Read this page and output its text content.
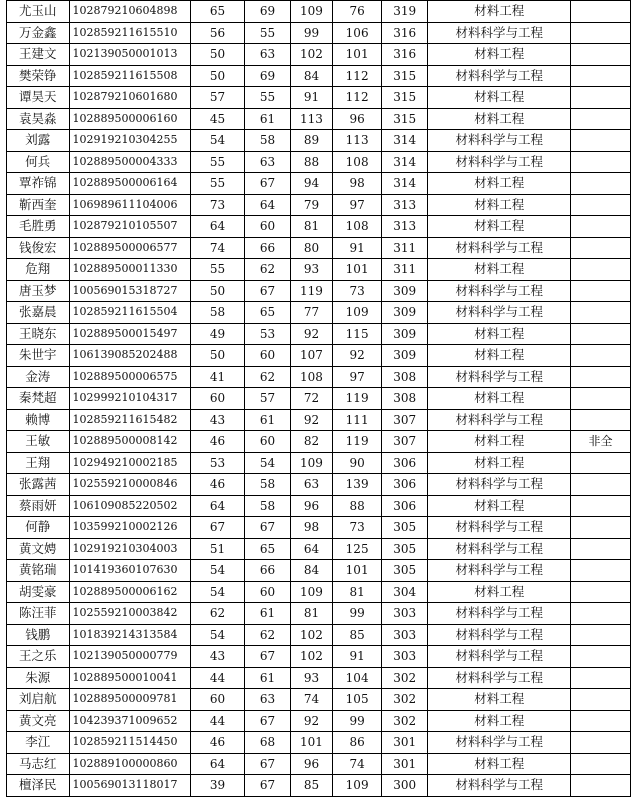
尤玉山	102879210604898	65	69	109	76	319	材料工程	
万金鑫	102859211615510	56	55	99	106	316	材料科学与工程	
王建文	102139050001013	50	63	102	101	316	材料工程	
樊荣铮	102859211615508	50	69	84	112	315	材料科学与工程	
谭昊天	102879210601680	57	55	91	112	315	材料工程	
袁昊淼	102889500006160	45	61	113	96	315	材料工程	
刘露	102919210304255	54	58	89	113	314	材料科学与工程	
何兵	102889500004333	55	63	88	108	314	材料科学与工程	
覃祚锦	102889500006164	55	67	94	98	314	材料工程	
靳西奎	106989611104006	73	64	79	97	313	材料工程	
毛胜勇	102879210105507	64	60	81	108	313	材料工程	
钱俊宏	102889500006577	74	66	80	91	311	材料科学与工程	
危翔	102889500011330	55	62	93	101	311	材料工程	
唐玉梦	100569015318727	50	67	119	73	309	材料科学与工程	
张嘉晨	102859211615504	58	65	77	109	309	材料科学与工程	
王晓东	102889500015497	49	53	92	115	309	材料工程	
朱世宇	106139085202488	50	60	107	92	309	材料工程	
金涛	102889500006575	41	62	108	97	308	材料科学与工程	
秦梵超	102999210104317	60	57	72	119	308	材料工程	
赖博	102859211615482	43	61	92	111	307	材料科学与工程	
王敏	102889500008142	46	60	82	119	307	材料工程	非全
王翔	102949210002185	53	54	109	90	306	材料工程	
张露茜	102559210000846	46	58	63	139	306	材料科学与工程	
蔡雨妍	106109085220502	64	58	96	88	306	材料工程	
何静	103599210002126	67	67	98	73	305	材料科学与工程	
黄文娉	102919210304003	51	65	64	125	305	材料科学与工程	
黄铭瑞	101419360107630	54	66	84	101	305	材料科学与工程	
胡雯豪	102889500006162	54	60	109	81	304	材料工程	
陈汪菲	102559210003842	62	61	81	99	303	材料科学与工程	
钱鹏	101839214313584	54	62	102	85	303	材料科学与工程	
王之乐	102139050000779	43	67	102	91	303	材料科学与工程	
朱源	102889500010041	44	61	93	104	302	材料科学与工程	
刘启航	102889500009781	60	63	74	105	302	材料工程	
黄文亮	104239371009652	44	67	92	99	302	材料工程	
李江	102859211514450	46	68	101	86	301	材料科学与工程	
马志红	102889100000860	64	67	96	74	301	材料工程	
檀泽民	100569013118017	39	67	85	109	300	材料科学与工程	
